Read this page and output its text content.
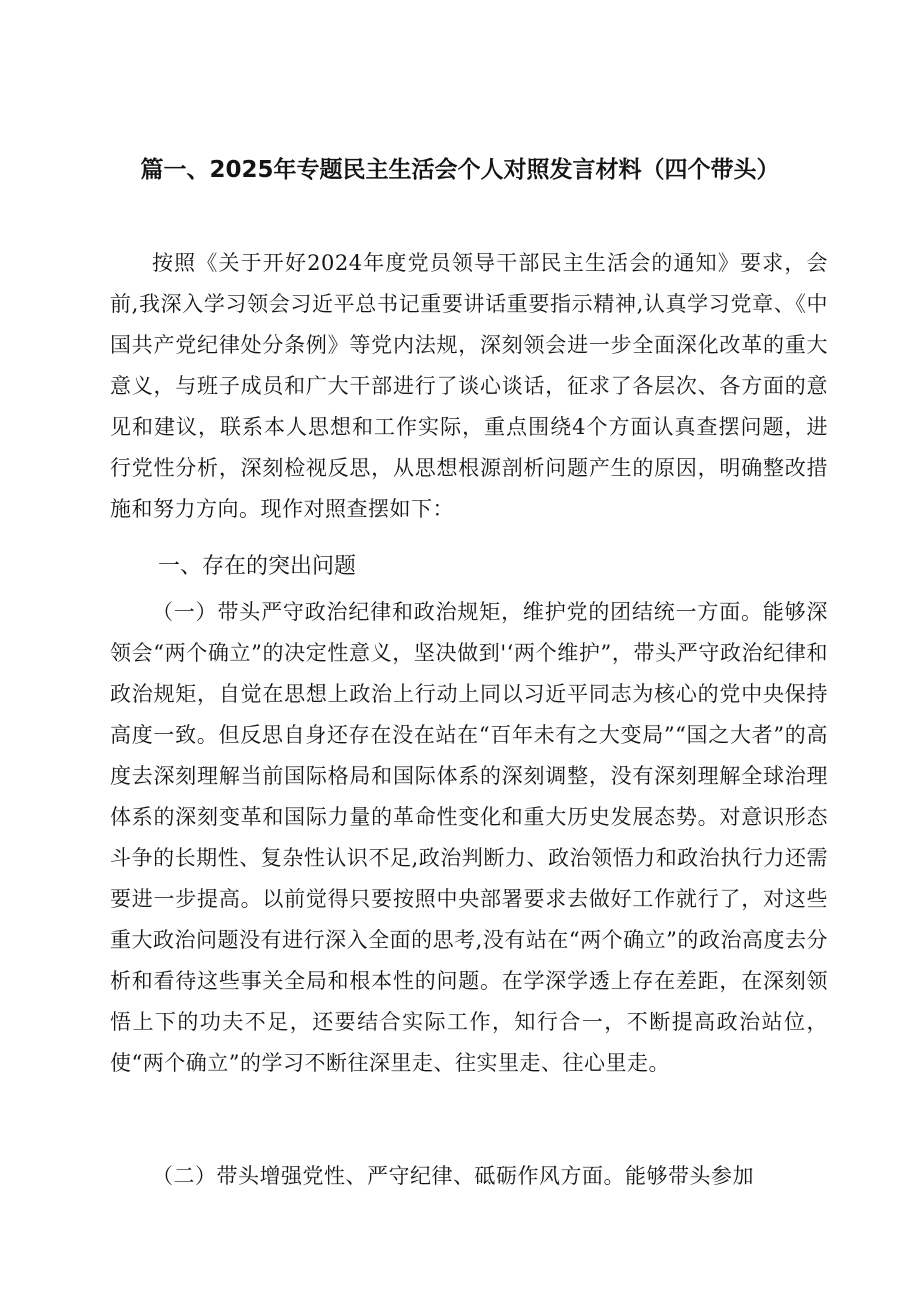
篇一、2025年专题民主生活会个人对照发言材料（四个带头）

按照《关于开好2024年度党员领导干部民主生活会的通知》要求，会前,我深入学习领会习近平总书记重要讲话重要指示精神,认真学习党章、《中国共产党纪律处分条例》等党内法规，深刻领会进一步全面深化改革的重大意义，与班子成员和广大干部进行了谈心谈话，征求了各层次、各方面的意见和建议，联系本人思想和工作实际，重点围绕4个方面认真查摆问题，进行党性分析，深刻检视反思，从思想根源剖析问题产生的原因，明确整改措施和努力方向。现作对照查摆如下：

一、存在的突出问题

（一）带头严守政治纪律和政治规矩，维护党的团结统一方面。能够深领会“两个确立”的决定性意义，坚决做到'‘两个维护”，带头严守政治纪律和政治规矩，自觉在思想上政治上行动上同以习近平同志为核心的党中央保持高度一致。但反思自身还存在没在站在“百年未有之大变局”“国之大者”的高度去深刻理解当前国际格局和国际体系的深刻调整，没有深刻理解全球治理体系的深刻变革和国际力量的革命性变化和重大历史发展态势。对意识形态斗争的长期性、复杂性认识不足,政治判断力、政治领悟力和政治执行力还需要进一步提高。以前觉得只要按照中央部署要求去做好工作就行了，对这些重大政治问题没有进行深入全面的思考,没有站在“两个确立”的政治高度去分析和看待这些事关全局和根本性的问题。在学深学透上存在差距，在深刻领悟上下的功夫不足，还要结合实际工作，知行合一，不断提高政治站位，使“两个确立”的学习不断往深里走、往实里走、往心里走。

（二）带头增强党性、严守纪律、砥砺作风方面。能够带头参加
